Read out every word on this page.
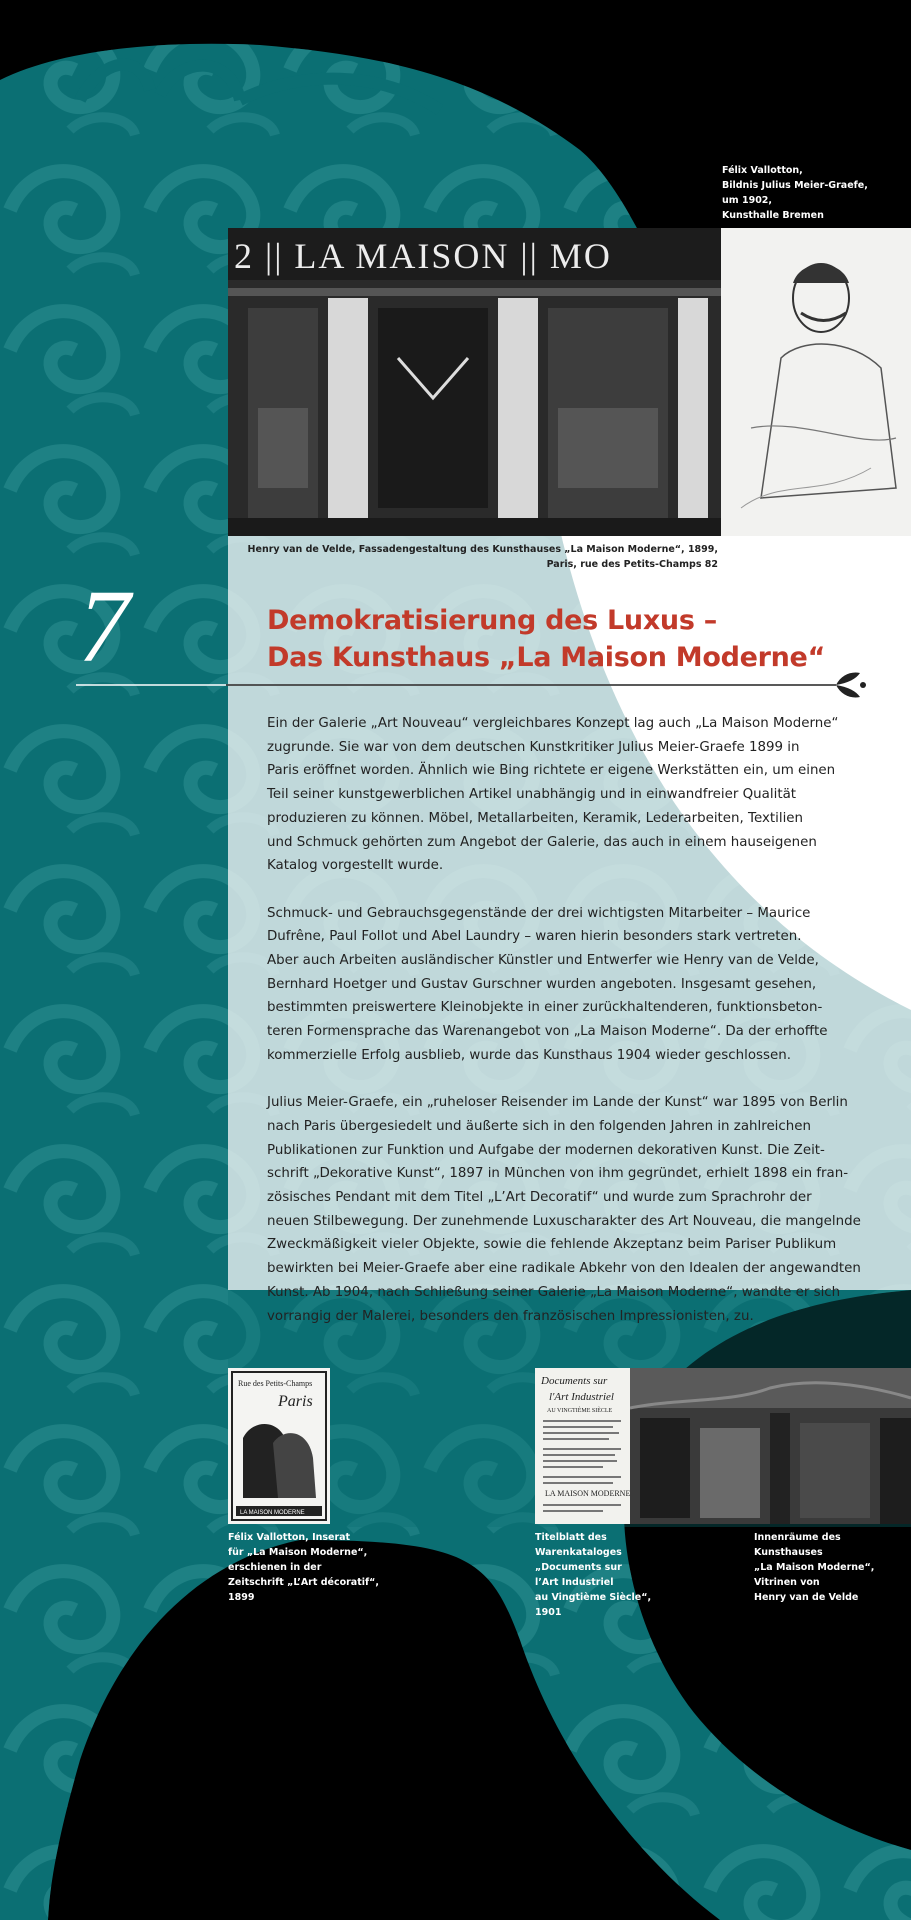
Félix Vallotton,
Bildnis Julius Meier-Graefe,
um 1902,
Kunsthalle Bremen
2 || LA MAISON || MO
Henry van de Velde, Fassadengestaltung des Kunsthauses „La Maison Moderne“, 1899,
Paris, rue des Petits-Champs 82
7	Demokratisierung des Luxus –
Das Kunsthaus „La Maison Moderne“

Ein der Galerie „Art Nouveau“ vergleichbares Konzept lag auch „La Maison Moderne“
zugrunde. Sie war von dem deutschen Kunstkritiker Julius Meier-Graefe 1899 in
Paris eröffnet worden. Ähnlich wie Bing richtete er eigene Werkstätten ein, um einen
Teil seiner kunstgewerblichen Artikel unabhängig und in einwandfreier Qualität
produzieren zu können. Möbel, Metallarbeiten, Keramik, Lederarbeiten, Textilien
und Schmuck gehörten zum Angebot der Galerie, das auch in einem hauseigenen
Katalog vorgestellt wurde.

Schmuck- und Gebrauchsgegenstände der drei wichtigsten Mitarbeiter – Maurice
Dufrêne, Paul Follot und Abel Laundry – waren hierin besonders stark vertreten.
Aber auch Arbeiten ausländischer Künstler und Entwerfer wie Henry van de Velde,
Bernhard Hoetger und Gustav Gurschner wurden angeboten. Insgesamt gesehen,
bestimmten preiswertere Kleinobjekte in einer zurückhaltenderen, funktionsbeton-
teren Formensprache das Warenangebot von „La Maison Moderne“. Da der erhoffte
kommerzielle Erfolg ausblieb, wurde das Kunsthaus 1904 wieder geschlossen.

Julius Meier-Graefe, ein „ruheloser Reisender im Lande der Kunst“ war 1895 von Berlin
nach Paris übergesiedelt und äußerte sich in den folgenden Jahren in zahlreichen
Publikationen zur Funktion und Aufgabe der modernen dekorativen Kunst. Die Zeit-
schrift „Dekorative Kunst“, 1897 in München von ihm gegründet, erhielt 1898 ein fran-
zösisches Pendant mit dem Titel „L’Art Decoratif“ und wurde zum Sprachrohr der
neuen Stilbewegung. Der zunehmende Luxuscharakter des Art Nouveau, die mangelnde
Zweckmäßigkeit vieler Objekte, sowie die fehlende Akzeptanz beim Pariser Publikum
bewirkten bei Meier-Graefe aber eine radikale Abkehr von den Idealen der angewandten
Kunst. Ab 1904, nach Schließung seiner Galerie „La Maison Moderne“, wandte er sich
vorrangig der Malerei, besonders den französischen Impressionisten, zu.

Rue des Petits-Champs
Paris
LA MAISON MODERNE
Documents sur
l'Art Industriel
AU VINGTIÈME SIÈCLE
LA MAISON MODERNE
Félix Vallotton, Inserat
für „La Maison Moderne“,
erschienen in der
Zeitschrift „L’Art décoratif“,
1899
Titelblatt des
Warenkataloges
„Documents sur
l’Art Industriel
au Vingtième Siècle“,
1901
Innenräume des
Kunsthauses
„La Maison Moderne“,
Vitrinen von
Henry van de Velde
